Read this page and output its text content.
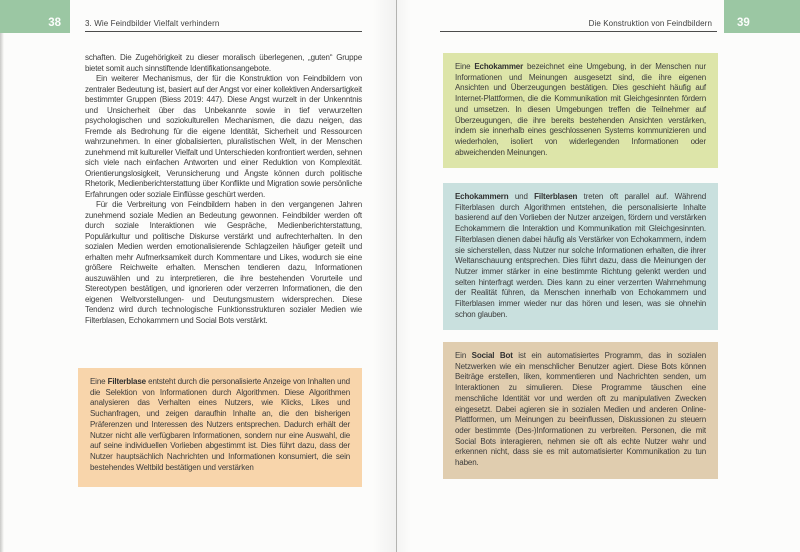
38	3. Wie Feindbilder Vielfalt verhindern

schaften. Die Zugehörigkeit zu dieser moralisch überlegenen, „guten“ Gruppe bietet somit auch sinnstiftende Identifikationsangebote.

Ein weiterer Mechanismus, der für die Konstruktion von Feindbildern von zentraler Bedeutung ist, basiert auf der Angst vor einer kollektiven Andersartigkeit bestimmter Gruppen (Biess 2019: 447). Diese Angst wurzelt in der Unkenntnis und Unsicherheit über das Unbekannte sowie in tief verwurzelten psychologischen und soziokulturellen Mechanismen, die dazu neigen, das Fremde als Bedrohung für die eigene Identität, Sicherheit und Ressourcen wahrzunehmen. In einer globalisierten, pluralistischen Welt, in der Menschen zunehmend mit kultureller Vielfalt und Unterschieden konfrontiert werden, sehnen sich viele nach einfachen Antworten und einer Reduktion von Komplexität. Orientierungslosigkeit, Verunsicherung und Ängste können durch politische Rhetorik, Medienberichterstattung über Konflikte und Migration sowie persönliche Erfahrungen oder soziale Einflüsse geschürt werden.

Für die Verbreitung von Feindbildern haben in den vergangenen Jahren zunehmend soziale Medien an Bedeutung gewonnen. Feindbilder werden oft durch soziale Interaktionen wie Gespräche, Medienberichterstattung, Populärkultur und politische Diskurse verstärkt und aufrechterhalten. In den sozialen Medien werden emotionalisierende Schlagzeilen häufiger geteilt und erhalten mehr Aufmerksamkeit durch Kommentare und Likes, wodurch sie eine größere Reichweite erhalten. Menschen tendieren dazu, Informationen auszuwählen und zu interpretieren, die ihre bestehenden Vorurteile und Stereotypen bestätigen, und ignorieren oder verzerren Informationen, die den eigenen Weltvorstellungen- und Deutungsmustern widersprechen. Diese Tendenz wird durch technologische Funktionsstrukturen sozialer Medien wie Filterblasen, Echokammern und Social Bots verstärkt.

Eine Filterblase entsteht durch die personalisierte Anzeige von Inhalten und die Selektion von Informationen durch Algorithmen. Diese Algorithmen analysieren das Verhalten eines Nutzers, wie Klicks, Likes und Suchanfragen, und zeigen daraufhin Inhalte an, die den bisherigen Präferenzen und Interessen des Nutzers entsprechen. Dadurch erhält der Nutzer nicht alle verfügbaren Informationen, sondern nur eine Auswahl, die auf seine individuellen Vorlieben abgestimmt ist. Dies führt dazu, dass der Nutzer hauptsächlich Nachrichten und Informationen konsumiert, die sein bestehendes Weltbild bestätigen und verstärken
Die Konstruktion von Feindbildern 39
Eine Echokammer bezeichnet eine Umgebung, in der Menschen nur Informationen und Meinungen ausgesetzt sind, die ihre eigenen Ansichten und Überzeugungen bestätigen. Dies geschieht häufig auf Internet-Plattformen, die die Kommunikation mit Gleichgesinnten fördern und umsetzen. In diesen Umgebungen treffen die Teilnehmer auf Überzeugungen, die ihre bereits bestehenden Ansichten verstärken, indem sie innerhalb eines geschlossenen Systems kommunizieren und wiederholen, isoliert von widerlegenden Informationen oder abweichenden Meinungen.
Echokammern und Filterblasen treten oft parallel auf. Während Filterblasen durch Algorithmen entstehen, die personalisierte Inhalte basierend auf den Vorlieben der Nutzer anzeigen, fördern und verstärken Echokammern die Interaktion und Kommunikation mit Gleichgesinnten. Filterblasen dienen dabei häufig als Verstärker von Echokammern, indem sie sicherstellen, dass Nutzer nur solche Informationen erhalten, die ihrer Weltanschauung entsprechen. Dies führt dazu, dass die Meinungen der Nutzer immer stärker in eine bestimmte Richtung gelenkt werden und selten hinterfragt werden. Dies kann zu einer verzerrten Wahrnehmung der Realität führen, da Menschen innerhalb von Echokammern und Filterblasen immer wieder nur das hören und lesen, was sie ohnehin schon glauben.
Ein Social Bot ist ein automatisiertes Programm, das in sozialen Netzwerken wie ein menschlicher Benutzer agiert. Diese Bots können Beiträge erstellen, liken, kommentieren und Nachrichten senden, um Interaktionen zu simulieren. Diese Programme täuschen eine menschliche Identität vor und werden oft zu manipulativen Zwecken eingesetzt. Dabei agieren sie in sozialen Medien und anderen Online-Plattformen, um Meinungen zu beeinflussen, Diskussionen zu steuern oder bestimmte (Des-)Informationen zu verbreiten. Personen, die mit Social Bots interagieren, nehmen sie oft als echte Nutzer wahr und erkennen nicht, dass sie es mit automatisierter Kommunikation zu tun haben.
